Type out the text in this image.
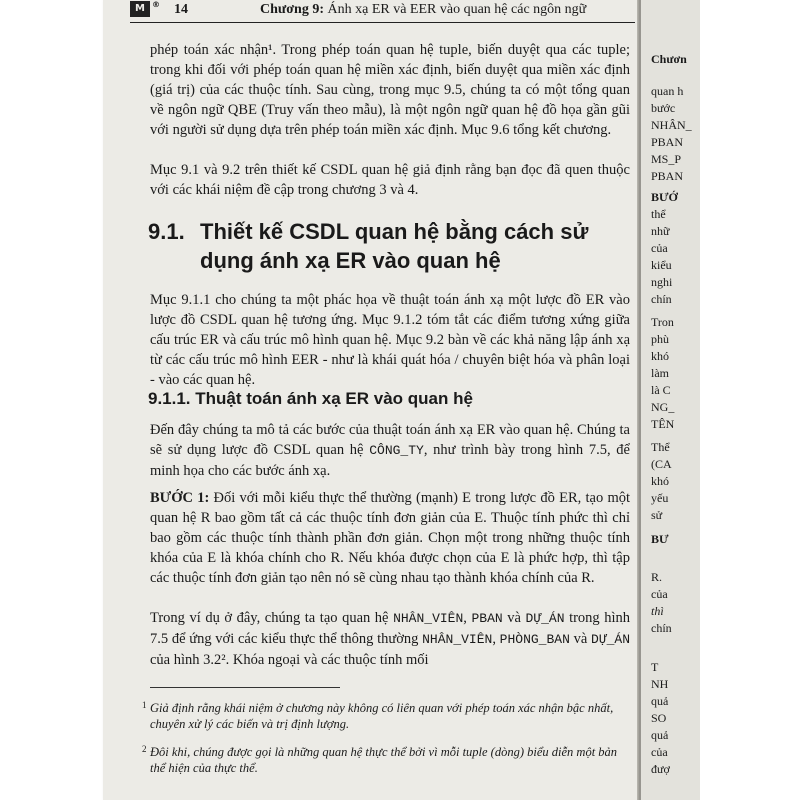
M ® 14	Chương 9: Ánh xạ ER và EER vào quan hệ các ngôn ngữ

phép toán xác nhận¹. Trong phép toán quan hệ tuple, biến duyệt qua các tuple; trong khi đối với phép toán quan hệ miền xác định, biến duyệt qua miền xác định (giá trị) của các thuộc tính. Sau cùng, trong mục 9.5, chúng ta có một tổng quan về ngôn ngữ QBE (Truy vấn theo mẫu), là một ngôn ngữ quan hệ đồ họa gần gũi với người sử dụng dựa trên phép toán miền xác định. Mục 9.6 tổng kết chương.

Mục 9.1 và 9.2 trên thiết kế CSDL quan hệ giả định rằng bạn đọc đã quen thuộc với các khái niệm đề cập trong chương 3 và 4.

9.1. Thiết kế CSDL quan hệ bằng cách sử
dụng ánh xạ ER vào quan hệ

Mục 9.1.1 cho chúng ta một phác họa về thuật toán ánh xạ một lược đồ ER vào lược đồ CSDL quan hệ tương ứng. Mục 9.1.2 tóm tắt các điểm tương xứng giữa cấu trúc ER và cấu trúc mô hình quan hệ. Mục 9.2 bàn về các khả năng lập ánh xạ từ các cấu trúc mô hình EER - như là khái quát hóa / chuyên biệt hóa và phân loại - vào các quan hệ.

9.1.1. Thuật toán ánh xạ ER vào quan hệ

Đến đây chúng ta mô tả các bước của thuật toán ánh xạ ER vào quan hệ. Chúng ta sẽ sử dụng lược đồ CSDL quan hệ CÔNG_TY, như trình bày trong hình 7.5, để minh họa cho các bước ánh xạ.

BƯỚC 1: Đối với mỗi kiểu thực thể thường (mạnh) E trong lược đồ ER, tạo một quan hệ R bao gồm tất cả các thuộc tính đơn giản của E. Thuộc tính phức thì chỉ bao gồm các thuộc tính thành phần đơn giản. Chọn một trong những thuộc tính khóa của E là khóa chính cho R. Nếu khóa được chọn của E là phức hợp, thì tập các thuộc tính đơn giản tạo nên nó sẽ cùng nhau tạo thành khóa chính của R.

Trong ví dụ ở đây, chúng ta tạo quan hệ NHÂN_VIÊN, PBAN và DỰ_ÁN trong hình 7.5 để ứng với các kiểu thực thể thông thường NHÂN_VIÊN, PHÒNG_BAN và DỰ_ÁN của hình 3.2². Khóa ngoại và các thuộc tính mối

1 Giả định rằng khái niệm ở chương này không có liên quan với phép toán xác nhận bậc nhất, chuyên xử lý các biến và trị định lượng.
2 Đôi khi, chúng được gọi là những quan hệ thực thể bởi vì mỗi tuple (dòng) biểu diễn một bản thể hiện của thực thể.
Chươn
quan h
bước
NHÂN_
PBAN
MS_P
PBAN
BƯỚ
thể
nhữ
của
kiểu
nghi
chín
Tron
phù
khó
làm
là C
NG_
TÊN
Thể
(CA
khó
yếu
sử
BƯ
R.
của
thì
chín
T
NH
quả
SO
quả
của
đượ
